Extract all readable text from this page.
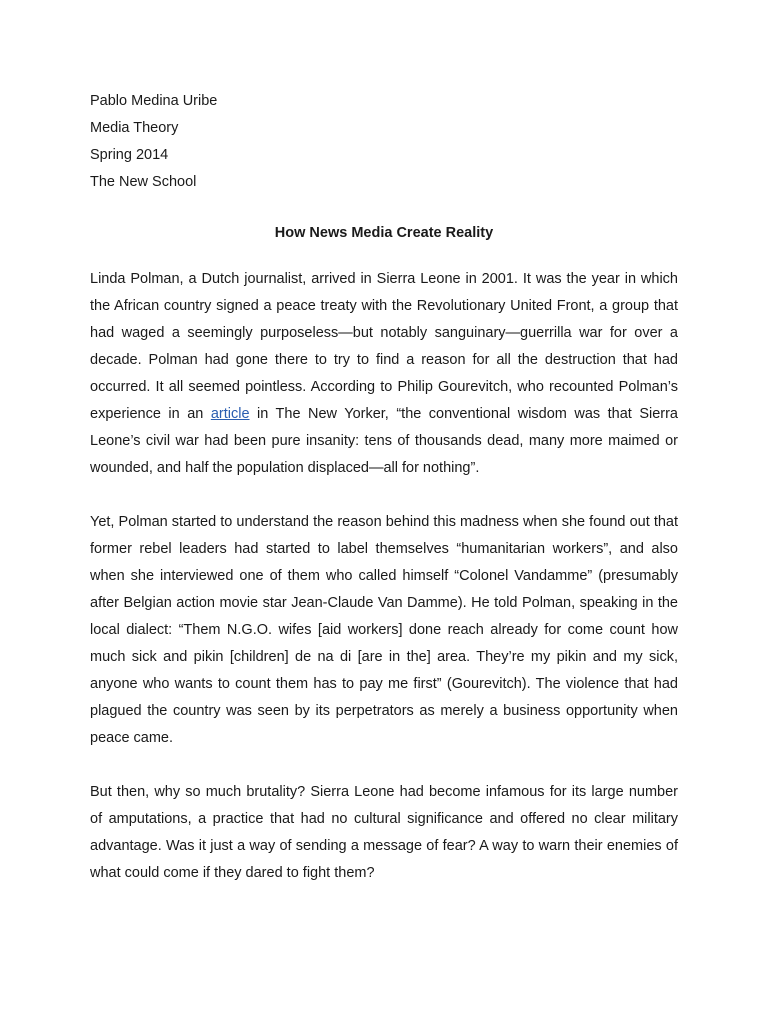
Pablo Medina Uribe
Media Theory
Spring 2014
The New School
How News Media Create Reality

Linda Polman, a Dutch journalist, arrived in Sierra Leone in 2001. It was the year in which the African country signed a peace treaty with the Revolutionary United Front, a group that had waged a seemingly purposeless—but notably sanguinary—guerrilla war for over a decade. Polman had gone there to try to find a reason for all the destruction that had occurred. It all seemed pointless. According to Philip Gourevitch, who recounted Polman’s experience in an article in The New Yorker, “the conventional wisdom was that Sierra Leone’s civil war had been pure insanity: tens of thousands dead, many more maimed or wounded, and half the population displaced—all for nothing”.

Yet, Polman started to understand the reason behind this madness when she found out that former rebel leaders had started to label themselves “humanitarian workers”, and also when she interviewed one of them who called himself “Colonel Vandamme” (presumably after Belgian action movie star Jean-Claude Van Damme). He told Polman, speaking in the local dialect: “Them N.G.O. wifes [aid workers] done reach already for come count how much sick and pikin [children] de na di [are in the] area. They’re my pikin and my sick, anyone who wants to count them has to pay me first” (Gourevitch). The violence that had plagued the country was seen by its perpetrators as merely a business opportunity when peace came.

But then, why so much brutality? Sierra Leone had become infamous for its large number of amputations, a practice that had no cultural significance and offered no clear military advantage. Was it just a way of sending a message of fear? A way to warn their enemies of what could come if they dared to fight them?
